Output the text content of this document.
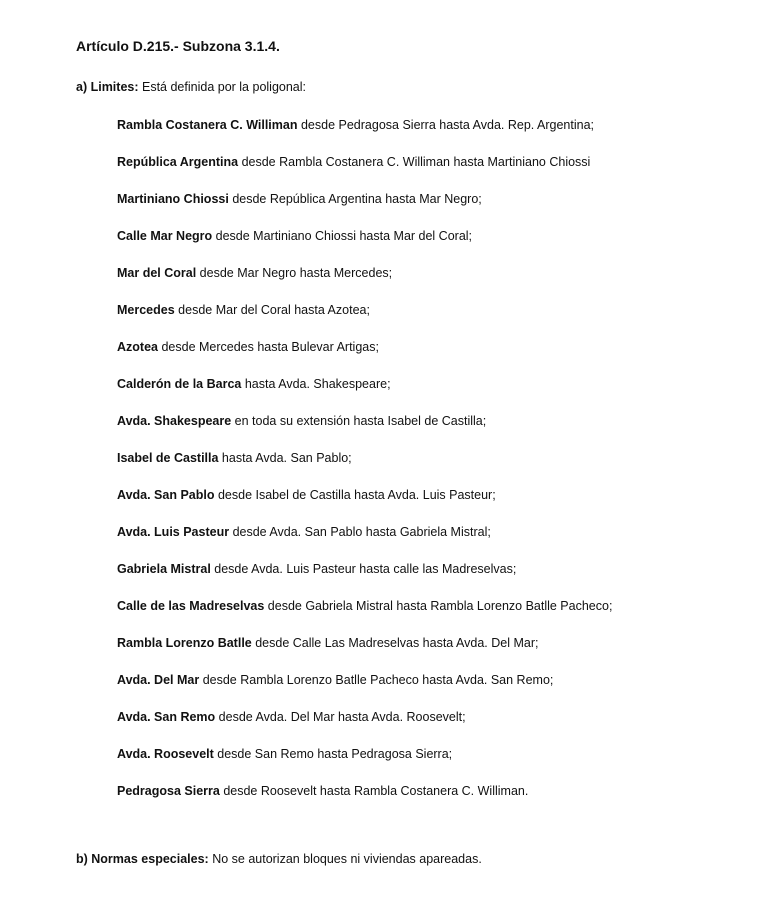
Artículo D.215.- Subzona 3.1.4.
a) Limites: Está definida por la poligonal:
Rambla Costanera C. Williman desde Pedragosa Sierra hasta Avda. Rep. Argentina;
República Argentina desde Rambla Costanera C. Williman hasta Martiniano Chiossi
Martiniano Chiossi desde República Argentina hasta Mar Negro;
Calle Mar Negro desde Martiniano Chiossi hasta Mar del Coral;
Mar del Coral desde Mar Negro hasta Mercedes;
Mercedes desde Mar del Coral hasta Azotea;
Azotea desde Mercedes hasta Bulevar Artigas;
Calderón de la Barca hasta Avda. Shakespeare;
Avda. Shakespeare en toda su extensión hasta Isabel de Castilla;
Isabel de Castilla hasta Avda. San Pablo;
Avda. San Pablo desde Isabel de Castilla hasta Avda. Luis Pasteur;
Avda. Luis Pasteur desde Avda. San Pablo hasta Gabriela Mistral;
Gabriela Mistral desde Avda. Luis Pasteur hasta calle las Madreselvas;
Calle de las Madreselvas desde Gabriela Mistral hasta Rambla Lorenzo Batlle Pacheco;
Rambla Lorenzo Batlle desde Calle Las Madreselvas hasta Avda. Del Mar;
Avda. Del Mar desde Rambla Lorenzo Batlle Pacheco hasta Avda. San Remo;
Avda. San Remo desde Avda. Del Mar hasta Avda. Roosevelt;
Avda. Roosevelt desde San Remo hasta Pedragosa Sierra;
Pedragosa Sierra desde Roosevelt hasta Rambla Costanera C. Williman.
b) Normas especiales: No se autorizan bloques ni viviendas apareadas.
